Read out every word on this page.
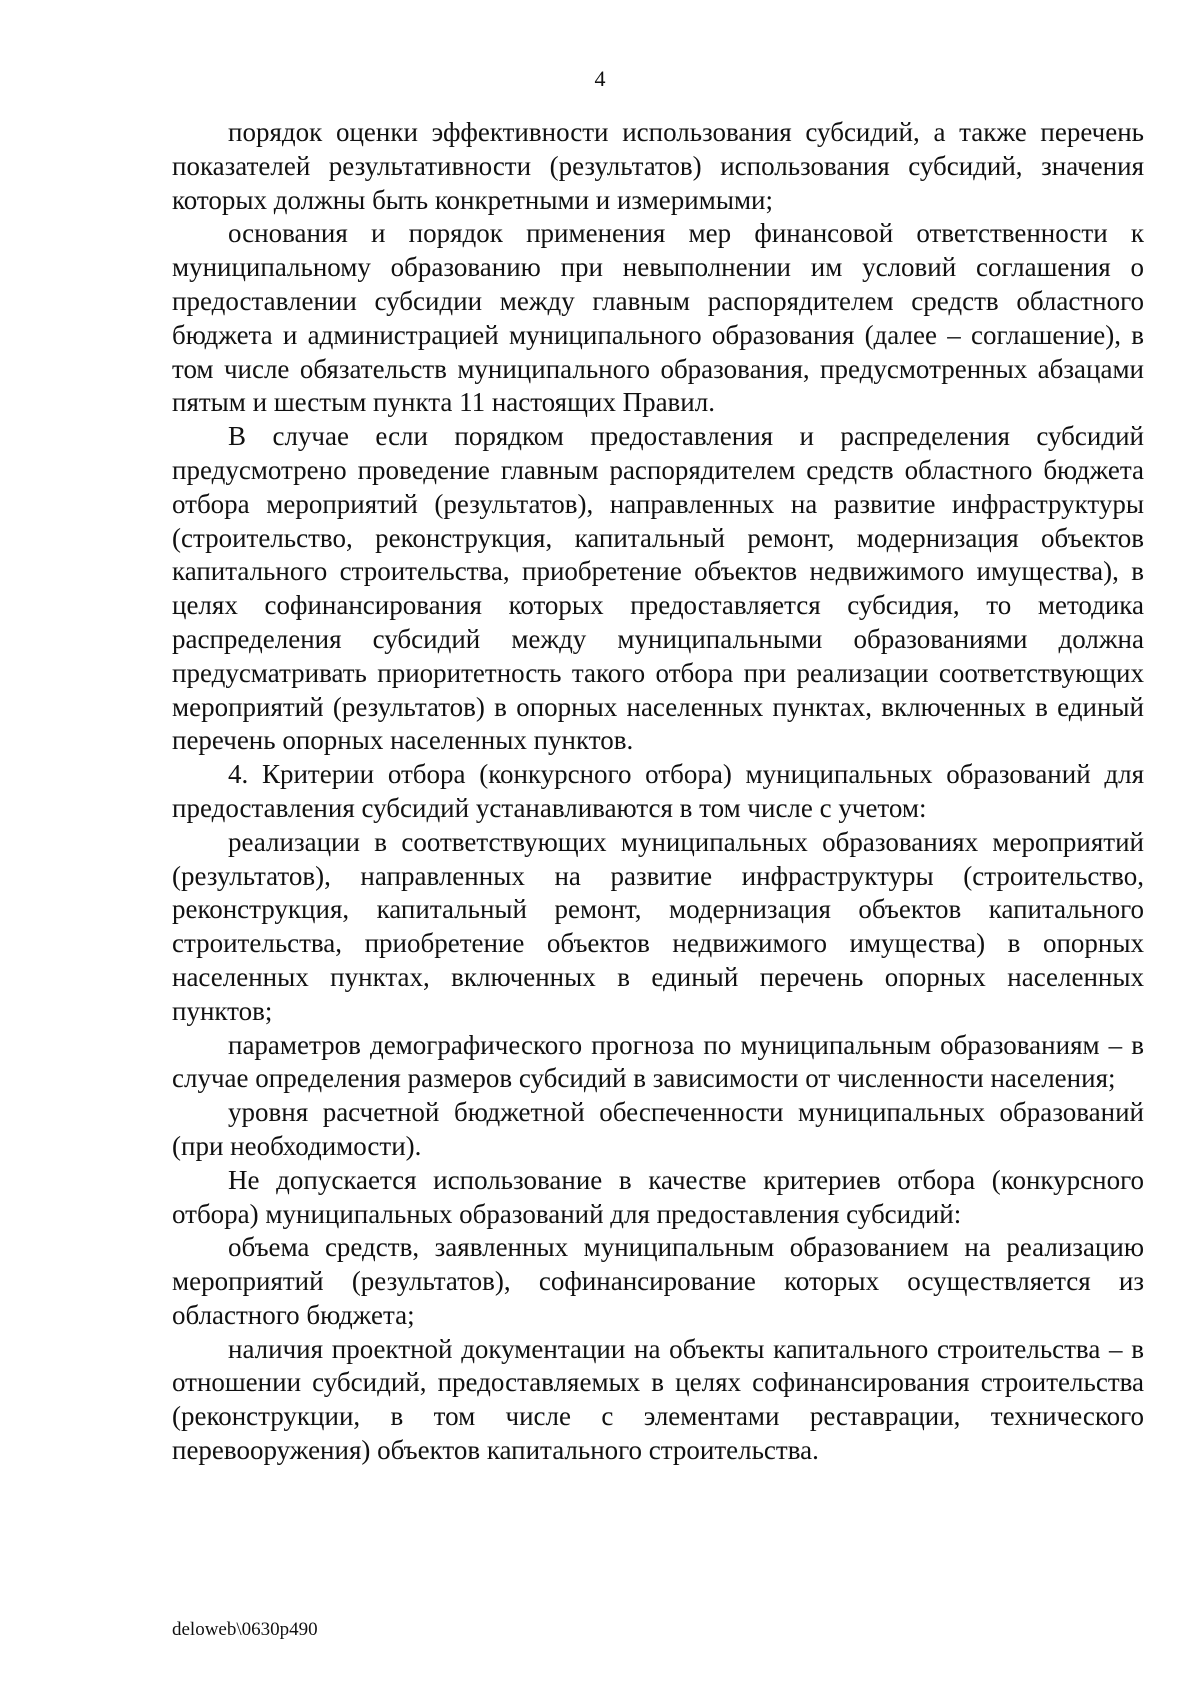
4

порядок оценки эффективности использования субсидий, а также перечень показателей результативности (результатов) использования субсидий, значения которых должны быть конкретными и измеримыми;

основания и порядок применения мер финансовой ответственности к муниципальному образованию при невыполнении им условий соглашения о предоставлении субсидии между главным распорядителем средств областного бюджета и администрацией муниципального образования (далее – соглашение), в том числе обязательств муниципального образования, предусмотренных абзацами пятым и шестым пункта 11 настоящих Правил.

В случае если порядком предоставления и распределения субсидий предусмотрено проведение главным распорядителем средств областного бюджета отбора мероприятий (результатов), направленных на развитие инфраструктуры (строительство, реконструкция, капитальный ремонт, модернизация объектов капитального строительства, приобретение объектов недвижимого имущества), в целях софинансирования которых предоставляется субсидия, то методика распределения субсидий между муниципальными образованиями должна предусматривать приоритетность такого отбора при реализации соответствующих мероприятий (результатов) в опорных населенных пунктах, включенных в единый перечень опорных населенных пунктов.

4. Критерии отбора (конкурсного отбора) муниципальных образований для предоставления субсидий устанавливаются в том числе с учетом:

реализации в соответствующих муниципальных образованиях мероприятий (результатов), направленных на развитие инфраструктуры (строительство, реконструкция, капитальный ремонт, модернизация объектов капитального строительства, приобретение объектов недвижимого имущества) в опорных населенных пунктах, включенных в единый перечень опорных населенных пунктов;

параметров демографического прогноза по муниципальным образованиям – в случае определения размеров субсидий в зависимости от численности населения;

уровня расчетной бюджетной обеспеченности муниципальных образований (при необходимости).

Не допускается использование в качестве критериев отбора (конкурсного отбора) муниципальных образований для предоставления субсидий:

объема средств, заявленных муниципальным образованием на реализацию мероприятий (результатов), софинансирование которых осуществляется из областного бюджета;

наличия проектной документации на объекты капитального строительства – в отношении субсидий, предоставляемых в целях софинансирования строительства (реконструкции, в том числе с элементами реставрации, технического перевооружения) объектов капитального строительства.

deloweb\0630p490
